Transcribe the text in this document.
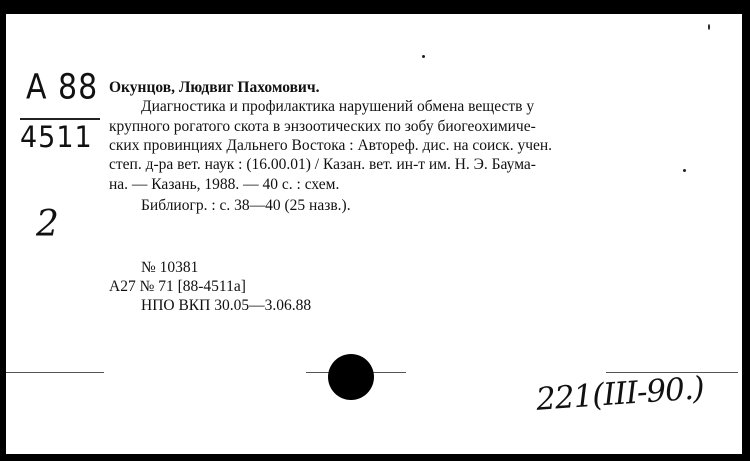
A 88
4511
2
Окунцов, Людвиг Пахомович.
Диагностика и профилактика нарушений обмена веществ у
крупного рогатого скота в энзоотических по зобу биогеохимиче-
ских провинциях Дальнего Востока : Автореф. дис. на соиск. учен.
степ. д-ра вет. наук : (16.00.01) / Казан. вет. ин-т им. Н. Э. Баума-
на. — Казань, 1988. — 40 с. : схем.
Библиогр. : с. 38—40 (25 назв.).
№ 10381
А27 № 71 [88-4511а]
НПО ВКП 30.05—3.06.88
221(III-90.)
